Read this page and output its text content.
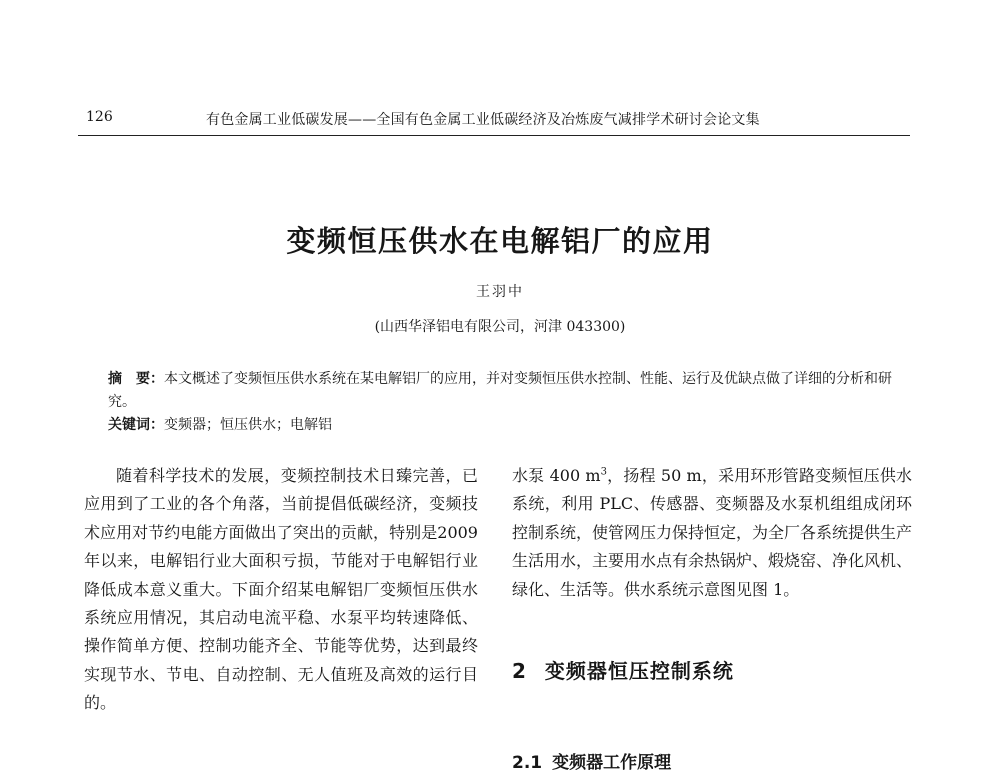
126	有色金属工业低碳发展——全国有色金属工业低碳经济及冶炼废气减排学术研讨会论文集
变频恒压供水在电解铝厂的应用
王羽中
(山西华泽铝电有限公司，河津 043300)
摘　要：本文概述了变频恒压供水系统在某电解铝厂的应用，并对变频恒压供水控制、性能、运行及优缺点做了详细的分析和研究。
关键词：变频器；恒压供水；电解铝
随着科学技术的发展，变频控制技术日臻完善，已应用到了工业的各个角落，当前提倡低碳经济，变频技术应用对节约电能方面做出了突出的贡献，特别是2009年以来，电解铝行业大面积亏损，节能对于电解铝行业降低成本意义重大。下面介绍某电解铝厂变频恒压供水系统应用情况，其启动电流平稳、水泵平均转速降低、操作简单方便、控制功能齐全、节能等优势，达到最终实现节水、节电、自动控制、无人值班及高效的运行目的。
水泵 400 $m^3$，扬程 50 m，采用环形管路变频恒压供水系统，利用 PLC、传感器、变频器及水泵机组组成闭环控制系统，使管网压力保持恒定，为全厂各系统提供生产生活用水，主要用水点有余热锅炉、煅烧窑、净化风机、绿化、生活等。供水系统示意图见图 1。
2 变频器恒压控制系统
2.1 变频器工作原理
